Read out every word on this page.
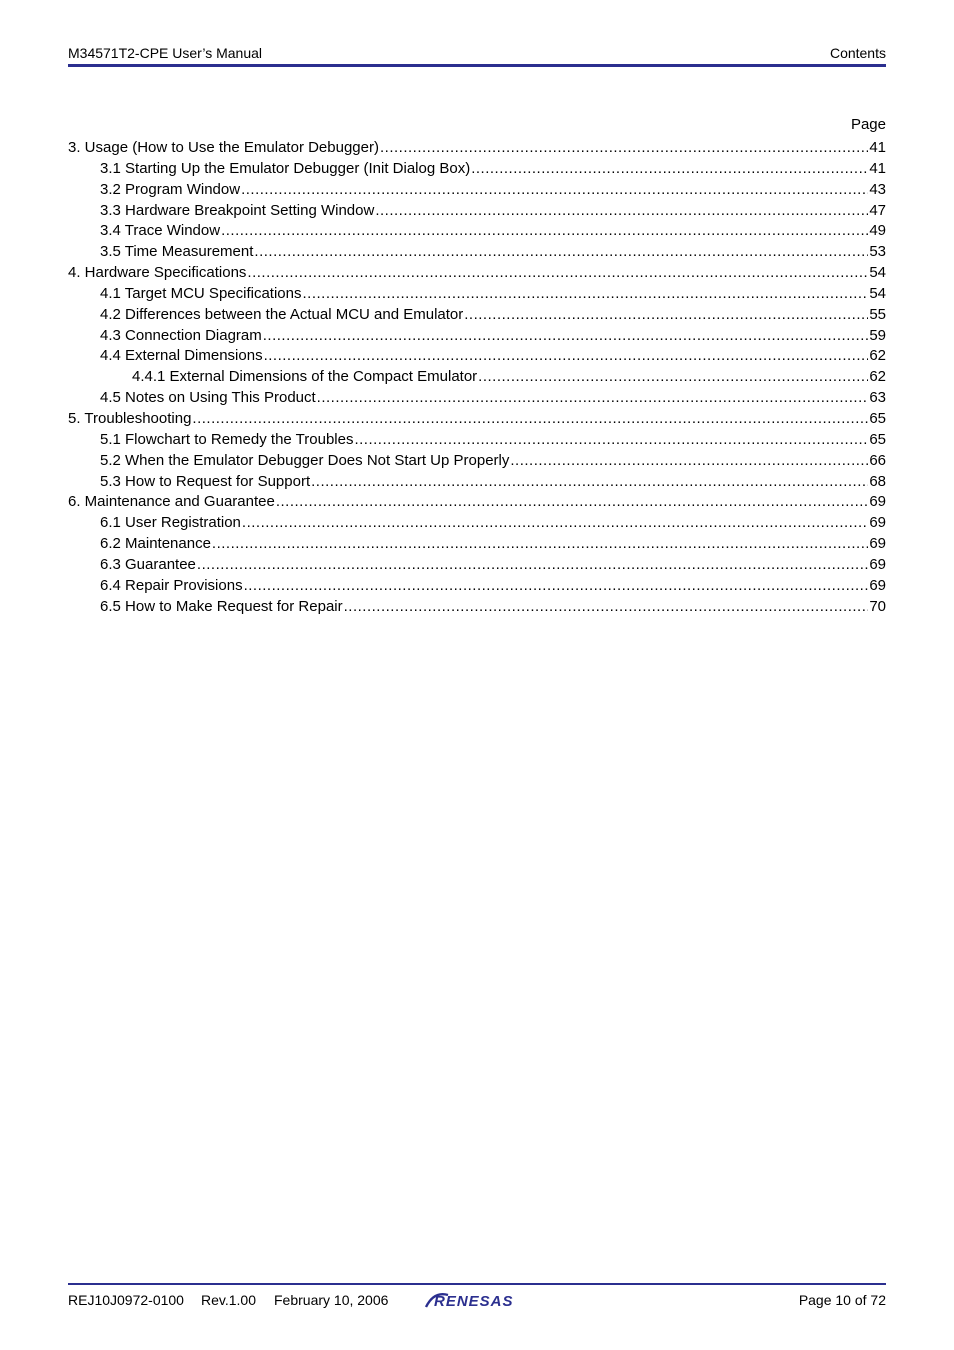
M34571T2-CPE User’s Manual	Contents
Page
3. Usage (How to Use the Emulator Debugger) .....	41
3.1 Starting Up the Emulator Debugger (Init Dialog Box) .....	41
3.2 Program Window .....	43
3.3 Hardware Breakpoint Setting Window .....	47
3.4 Trace Window .....	49
3.5 Time Measurement .....	53
4. Hardware Specifications .....	54
4.1 Target MCU Specifications .....	54
4.2 Differences between the Actual MCU and Emulator .....	55
4.3 Connection Diagram .....	59
4.4 External Dimensions .....	62
4.4.1 External Dimensions of the Compact Emulator .....	62
4.5 Notes on Using This Product .....	63
5. Troubleshooting .....	65
5.1 Flowchart to Remedy the Troubles .....	65
5.2 When the Emulator Debugger Does Not Start Up Properly .....	66
5.3 How to Request for Support .....	68
6. Maintenance and Guarantee .....	69
6.1 User Registration .....	69
6.2 Maintenance .....	69
6.3 Guarantee .....	69
6.4 Repair Provisions .....	69
6.5 How to Make Request for Repair .....	70
REJ10J0972-0100 Rev.1.00 February 10, 2006	Page 10 of 72
RENESAS
